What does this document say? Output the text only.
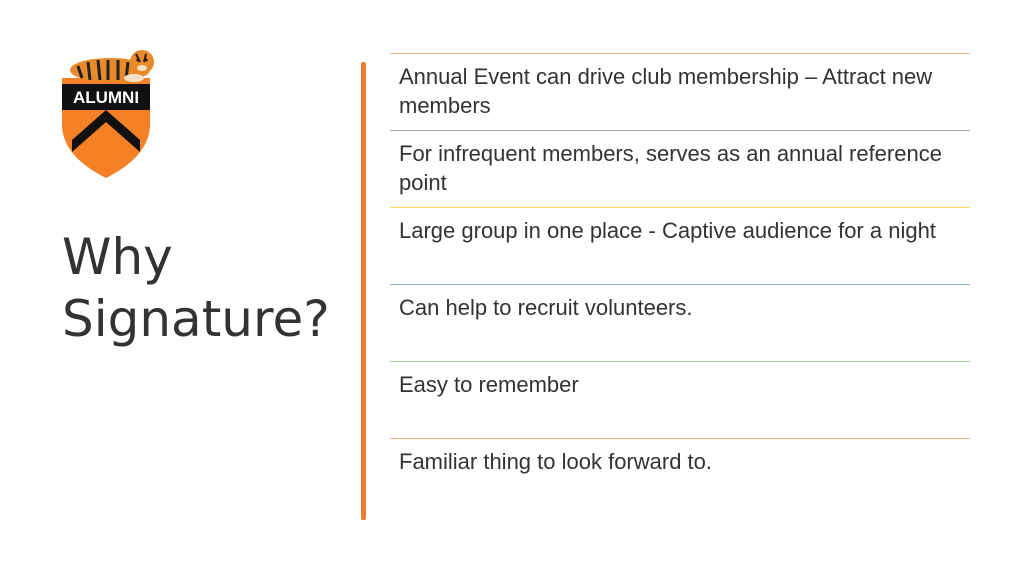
ALUMNI
Why
Signature?
Annual Event can drive club membership – Attract new members
For infrequent members, serves as an annual reference point
Large group in one place - Captive audience for a night
Can help to recruit volunteers.
Easy to remember
Familiar thing to look forward to.
